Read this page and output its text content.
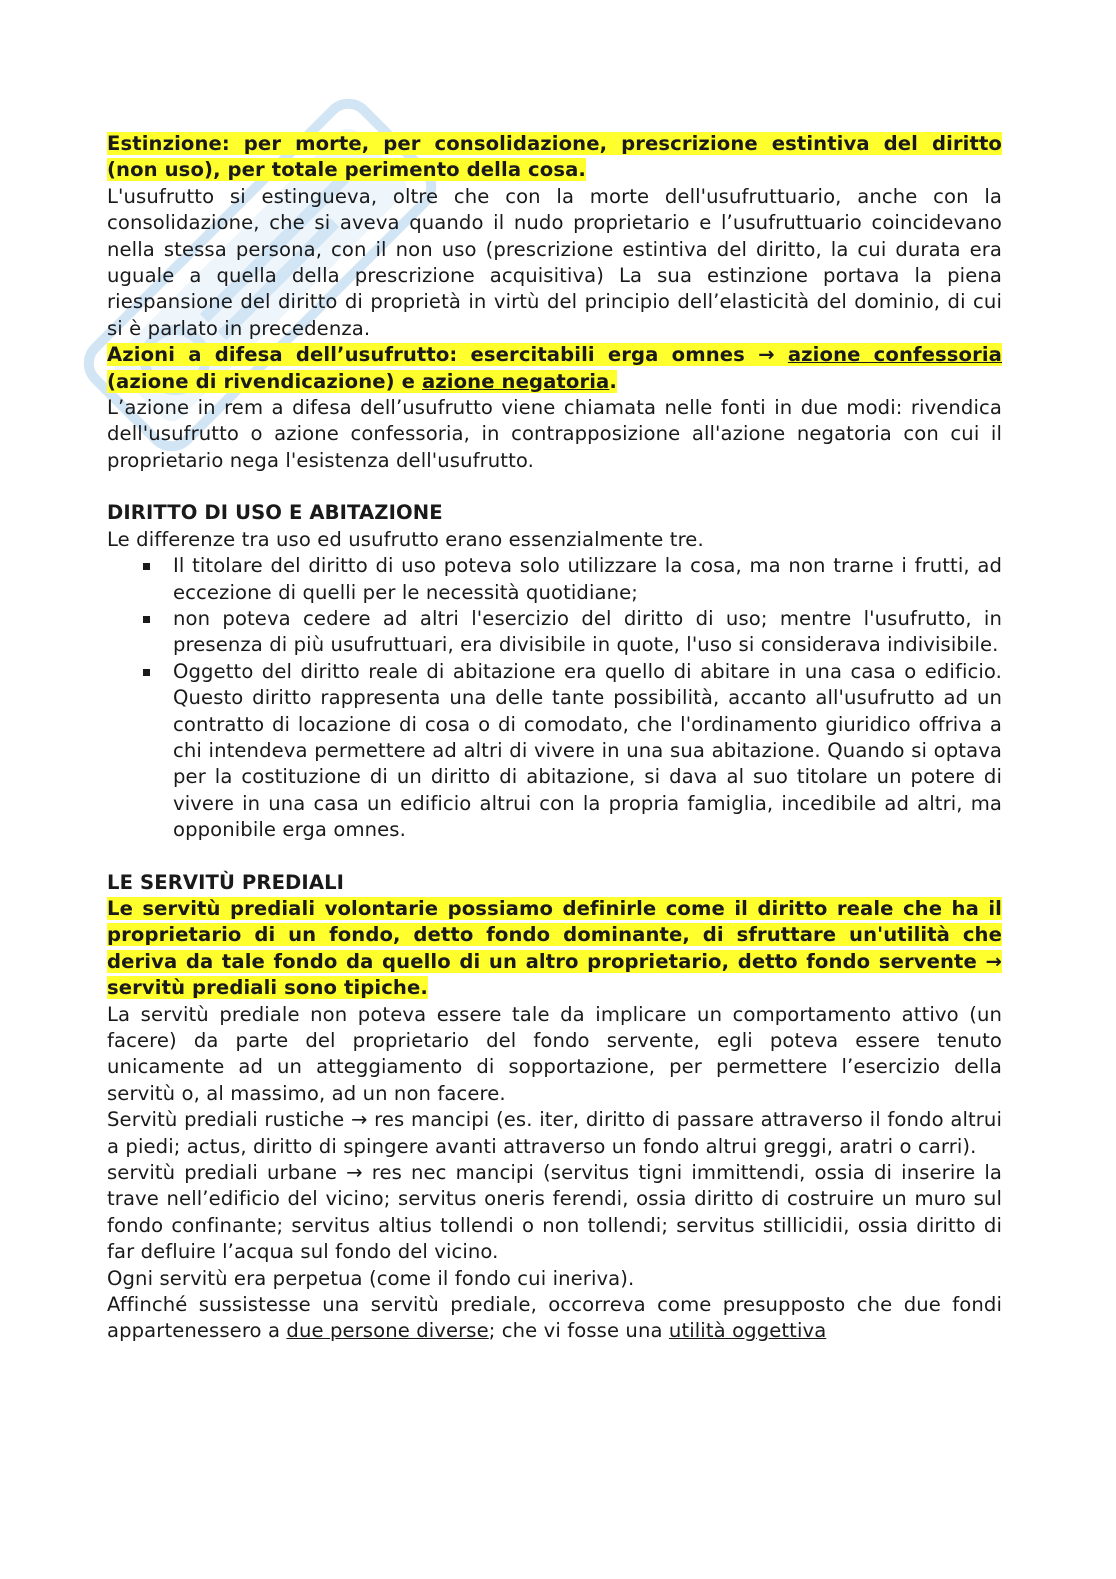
Estinzione: per morte, per consolidazione, prescrizione estintiva del diritto (non uso), per totale perimento della cosa.

L'usufrutto si estingueva, oltre che con la morte dell'usufruttuario, anche con la consolidazione, che si aveva quando il nudo proprietario e l’usufruttuario coincidevano nella stessa persona, con il non uso (prescrizione estintiva del diritto, la cui durata era uguale a quella della prescrizione acquisitiva) La sua estinzione portava la piena riespansione del diritto di proprietà in virtù del principio dell’elasticità del dominio, di cui si è parlato in precedenza.

Azioni a difesa dell’usufrutto: esercitabili erga omnes → azione confessoria (azione di rivendicazione) e azione negatoria.

L’azione in rem a difesa dell’usufrutto viene chiamata nelle fonti in due modi: rivendica dell'usufrutto o azione confessoria, in contrapposizione all'azione negatoria con cui il proprietario nega l'esistenza dell'usufrutto.

DIRITTO DI USO E ABITAZIONE

Le differenze tra uso ed usufrutto erano essenzialmente tre.

Il titolare del diritto di uso poteva solo utilizzare la cosa, ma non trarne i frutti, ad eccezione di quelli per le necessità quotidiane;
non poteva cedere ad altri l'esercizio del diritto di uso; mentre l'usufrutto, in presenza di più usufruttuari, era divisibile in quote, l'uso si considerava indivisibile.
Oggetto del diritto reale di abitazione era quello di abitare in una casa o edificio. Questo diritto rappresenta una delle tante possibilità, accanto all'usufrutto ad un contratto di locazione di cosa o di comodato, che l'ordinamento giuridico offriva a chi intendeva permettere ad altri di vivere in una sua abitazione. Quando si optava per la costituzione di un diritto di abitazione, si dava al suo titolare un potere di vivere in una casa un edificio altrui con la propria famiglia, incedibile ad altri, ma opponibile erga omnes.

LE SERVITÙ PREDIALI

Le servitù prediali volontarie possiamo definirle come il diritto reale che ha il proprietario di un fondo, detto fondo dominante, di sfruttare un'utilità che deriva da tale fondo da quello di un altro proprietario, detto fondo servente → servitù prediali sono tipiche.

La servitù prediale non poteva essere tale da implicare un comportamento attivo (un facere) da parte del proprietario del fondo servente, egli poteva essere tenuto unicamente ad un atteggiamento di sopportazione, per permettere l’esercizio della servitù o, al massimo, ad un non facere.

Servitù prediali rustiche → res mancipi (es. iter, diritto di passare attraverso il fondo altrui a piedi; actus, diritto di spingere avanti attraverso un fondo altrui greggi, aratri o carri).

servitù prediali urbane → res nec mancipi (servitus tigni immittendi, ossia di inserire la trave nell’edificio del vicino; servitus oneris ferendi, ossia diritto di costruire un muro sul fondo confinante; servitus altius tollendi o non tollendi; servitus stillicidii, ossia diritto di far defluire l’acqua sul fondo del vicino.

Ogni servitù era perpetua (come il fondo cui ineriva).

Affinché sussistesse una servitù prediale, occorreva come presupposto che due fondi appartenessero a due persone diverse; che vi fosse una utilità oggettiva
